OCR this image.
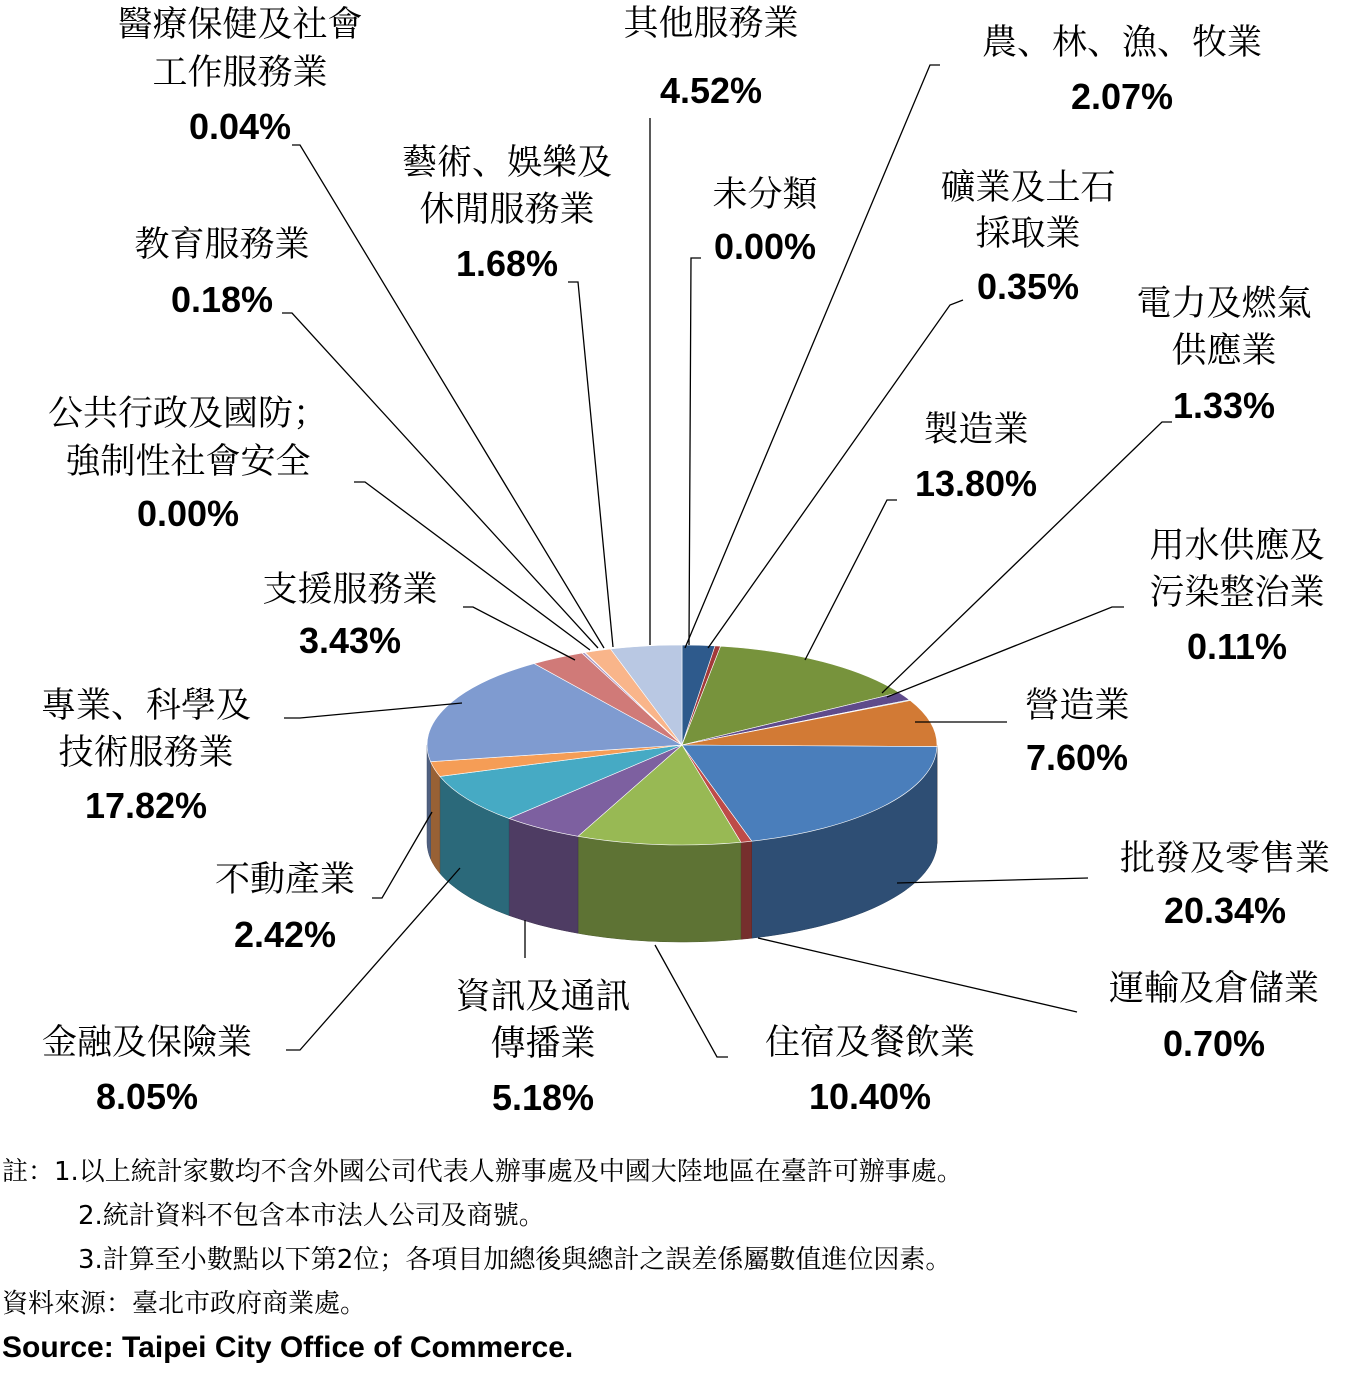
農、林、漁、牧業
2.07%
礦業及土石
採取業
0.35%
製造業
13.80%
電力及燃氣
供應業
1.33%
用水供應及
污染整治業
0.11%
營造業
7.60%
批發及零售業
20.34%
運輸及倉儲業
0.70%
住宿及餐飲業
10.40%
資訊及通訊
傳播業
5.18%
金融及保險業
8.05%
不動產業
2.42%
專業、科學及
技術服務業
17.82%
支援服務業
3.43%
公共行政及國防；
強制性社會安全
0.00%
教育服務業
0.18%
醫療保健及社會
工作服務業
0.04%
藝術、娛樂及
休閒服務業
1.68%
其他服務業
4.52%
未分類
0.00%
註：1.以上統計家數均不含外國公司代表人辦事處及中國大陸地區在臺許可辦事處。
2.統計資料不包含本市法人公司及商號。
3.計算至小數點以下第2位；各項目加總後與總計之誤差係屬數值進位因素。
資料來源：臺北市政府商業處。
Source: Taipei City Office of Commerce.
